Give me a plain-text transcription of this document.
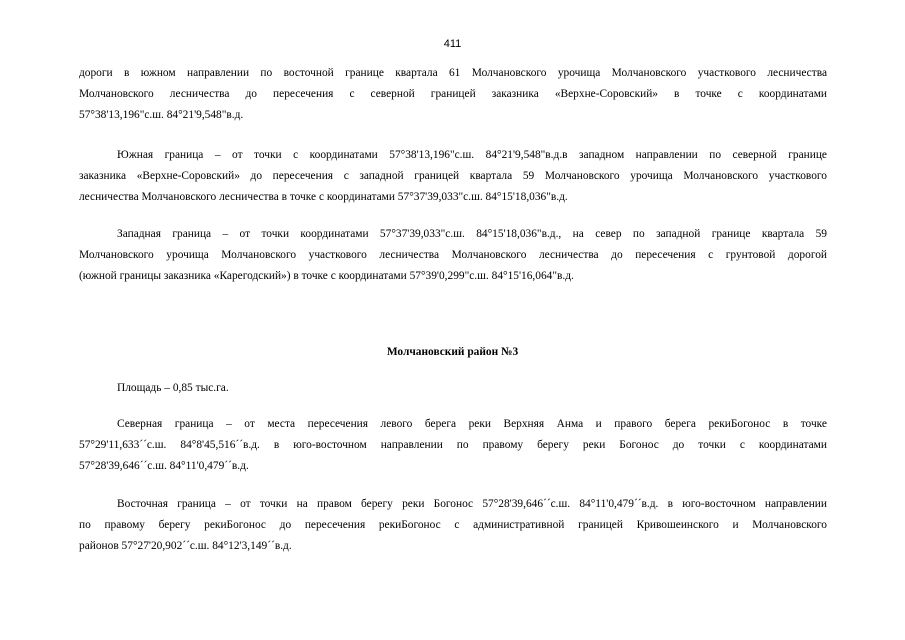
411
дороги в южном направлении по восточной границе квартала 61 Молчановского урочища Молчановского участкового лесничества
Молчановского лесничества до пересечения с северной границей заказника «Верхне-Соровский» в точке с координатами
57°38'13,196"с.ш. 84°21'9,548"в.д.
Южная граница – от точки с координатами 57°38'13,196"с.ш. 84°21'9,548"в.д.в западном направлении по северной границе
заказника «Верхне-Соровский» до пересечения с западной границей квартала 59 Молчановского урочища Молчановского участкового
лесничества Молчановского лесничества в точке с координатами 57°37'39,033"с.ш. 84°15'18,036"в.д.
Западная граница – от точки координатами 57°37'39,033"с.ш. 84°15'18,036"в.д., на север по западной границе квартала 59
Молчановского урочища Молчановского участкового лесничества Молчановского лесничества до пересечения с грунтовой дорогой
(южной границы заказника «Карегодский») в точке с координатами 57°39'0,299"с.ш. 84°15'16,064"в.д.
Молчановский район №3
Площадь – 0,85 тыс.га.
Северная граница – от места пересечения левого берега реки Верхняя Анма и правого берега рекиБогонос в точке
57°29'11,633´´с.ш. 84°8'45,516´´в.д. в юго-восточном направлении по правому берегу реки Богонос до точки с координатами
57°28'39,646´´с.ш. 84°11'0,479´´в.д.
Восточная граница – от точки на правом берегу реки Богонос 57°28'39,646´´с.ш. 84°11'0,479´´в.д. в юго-восточном направлении
по правому берегу рекиБогонос до пересечения рекиБогонос с административной границей Кривошеинского и Молчановского
районов 57°27'20,902´´с.ш. 84°12'3,149´´в.д.
